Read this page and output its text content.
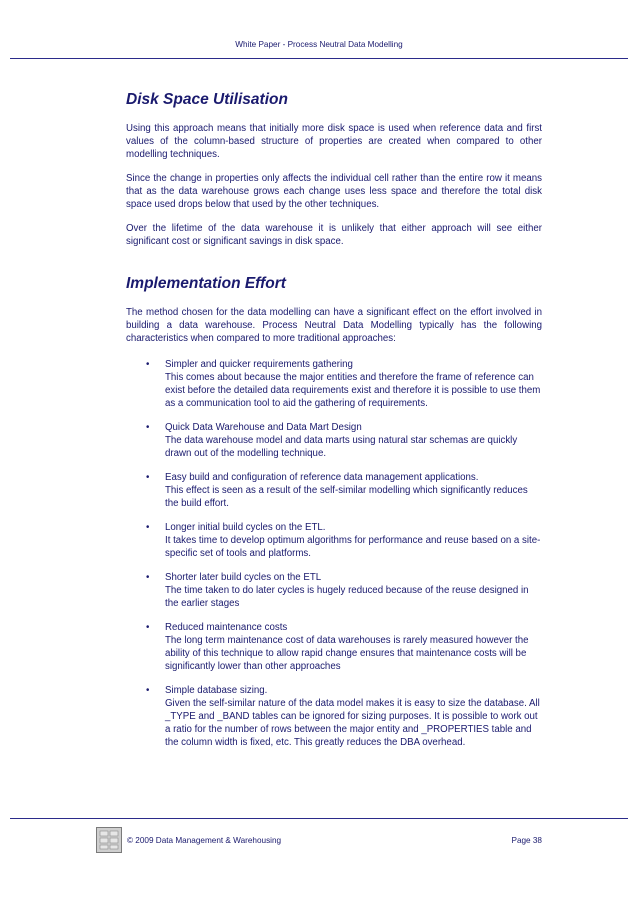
White Paper - Process Neutral Data Modelling
Disk Space Utilisation

Using this approach means that initially more disk space is used when reference data and first values of the column-based structure of properties are created when compared to other modelling techniques.

Since the change in properties only affects the individual cell rather than the entire row it means that as the data warehouse grows each change uses less space and therefore the total disk space used drops below that used by the other techniques.

Over the lifetime of the data warehouse it is unlikely that either approach will see either significant cost or significant savings in disk space.

Implementation Effort

The method chosen for the data modelling can have a significant effect on the effort involved in building a data warehouse. Process Neutral Data Modelling typically has the following characteristics when compared to more traditional approaches:

• Simpler and quicker requirements gathering
This comes about because the major entities and therefore the frame of reference can exist before the detailed data requirements exist and therefore it is possible to use them as a communication tool to aid the gathering of requirements.
• Quick Data Warehouse and Data Mart Design
The data warehouse model and data marts using natural star schemas are quickly drawn out of the modelling technique.
• Easy build and configuration of reference data management applications.
This effect is seen as a result of the self-similar modelling which significantly reduces the build effort.
• Longer initial build cycles on the ETL.
It takes time to develop optimum algorithms for performance and reuse based on a site-specific set of tools and platforms.
• Shorter later build cycles on the ETL
The time taken to do later cycles is hugely reduced because of the reuse designed in the earlier stages
• Reduced maintenance costs
The long term maintenance cost of data warehouses is rarely measured however the ability of this technique to allow rapid change ensures that maintenance costs will be significantly lower than other approaches
• Simple database sizing.
Given the self-similar nature of the data model makes it is easy to size the database. All _TYPE and _BAND tables can be ignored for sizing purposes. It is possible to work out a ratio for the number of rows between the major entity and _PROPERTIES table and the column width is fixed, etc. This greatly reduces the DBA overhead.
© 2009 Data Management & Warehousing	Page 38
